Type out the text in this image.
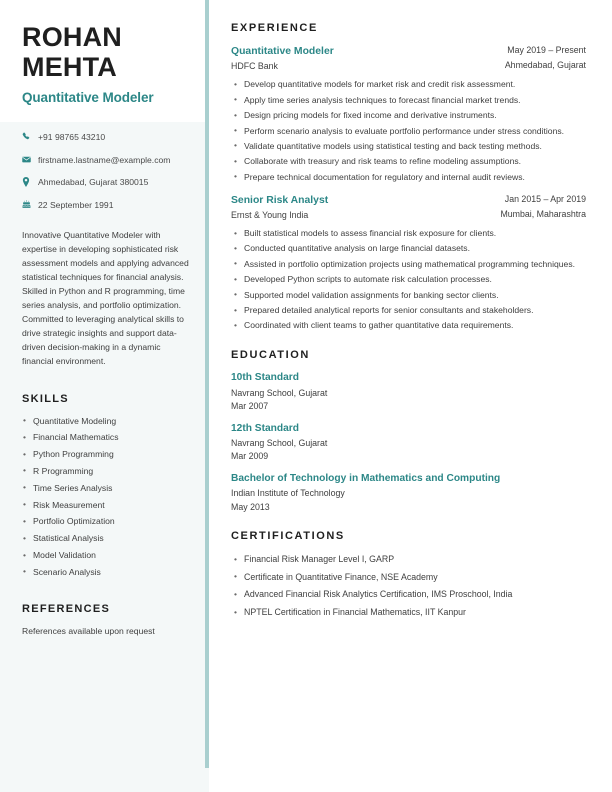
ROHAN
MEHTA
Quantitative Modeler
+91 98765 43210
firstname.lastname@example.com
Ahmedabad, Gujarat 380015
22 September 1991

Innovative Quantitative Modeler with expertise in developing sophisticated risk assessment models and applying advanced statistical techniques for financial analysis. Skilled in Python and R programming, time series analysis, and portfolio optimization. Committed to leveraging analytical skills to drive strategic insights and support data-driven decision-making in a dynamic financial environment.

SKILLS
• Quantitative Modeling
• Financial Mathematics
• Python Programming
• R Programming
• Time Series Analysis
• Risk Measurement
• Portfolio Optimization
• Statistical Analysis
• Model Validation
• Scenario Analysis
REFERENCES
References available upon request
EXPERIENCE
Quantitative Modeler
HDFC Bank
May 2019 – Present
Ahmedabad, Gujarat
• Develop quantitative models for market risk and credit risk assessment.
• Apply time series analysis techniques to forecast financial market trends.
• Design pricing models for fixed income and derivative instruments.
• Perform scenario analysis to evaluate portfolio performance under stress conditions.
• Validate quantitative models using statistical testing and back testing methods.
• Collaborate with treasury and risk teams to refine modeling assumptions.
• Prepare technical documentation for regulatory and internal audit reviews.
Senior Risk Analyst
Ernst & Young India
Jan 2015 – Apr 2019
Mumbai, Maharashtra
• Built statistical models to assess financial risk exposure for clients.
• Conducted quantitative analysis on large financial datasets.
• Assisted in portfolio optimization projects using mathematical programming techniques.
• Developed Python scripts to automate risk calculation processes.
• Supported model validation assignments for banking sector clients.
• Prepared detailed analytical reports for senior consultants and stakeholders.
• Coordinated with client teams to gather quantitative data requirements.
EDUCATION
10th Standard
Navrang School, Gujarat
Mar 2007
12th Standard
Navrang School, Gujarat
Mar 2009
Bachelor of Technology in Mathematics and Computing
Indian Institute of Technology
May 2013
CERTIFICATIONS
• Financial Risk Manager Level I, GARP
• Certificate in Quantitative Finance, NSE Academy
• Advanced Financial Risk Analytics Certification, IMS Proschool, India
• NPTEL Certification in Financial Mathematics, IIT Kanpur
